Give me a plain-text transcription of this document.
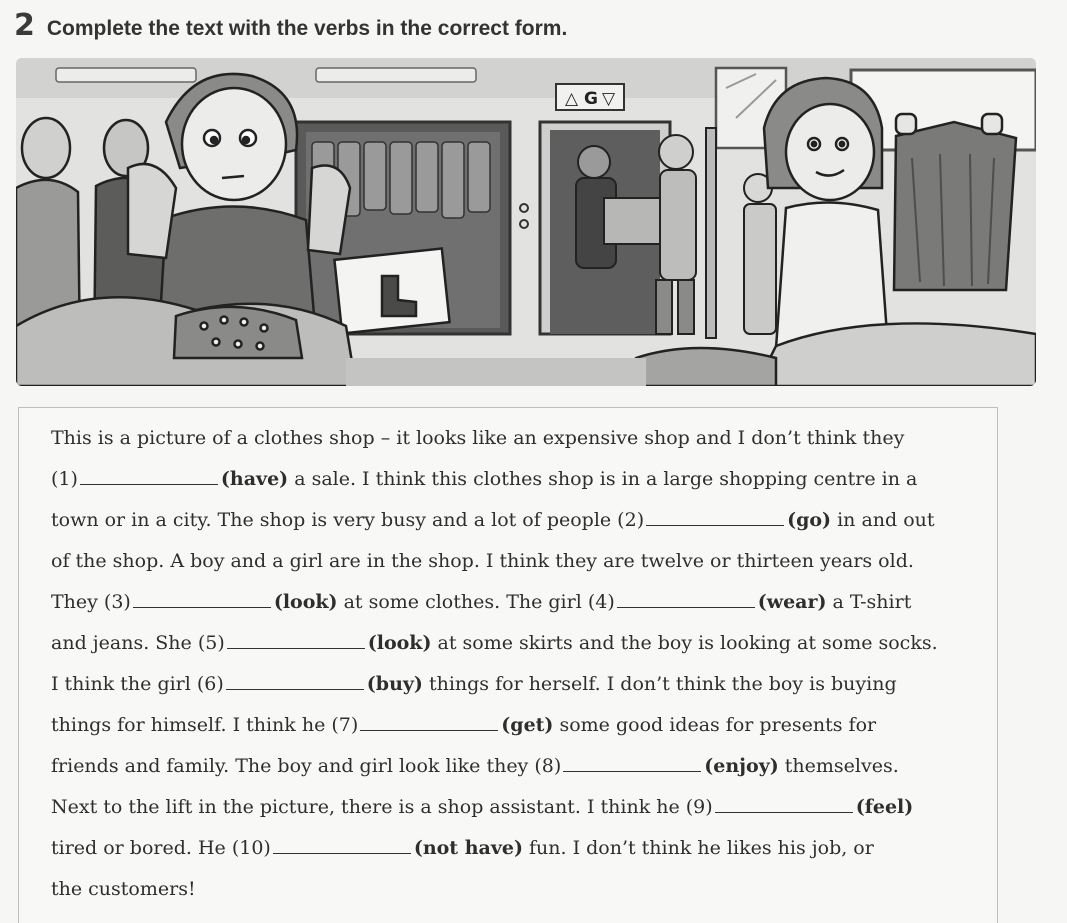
2 Complete the text with the verbs in the correct form.
△ G ▽
This is a picture of a clothes shop – it looks like an expensive shop and I don’t think they
(1)	(have) a sale. I think this clothes shop is in a large shopping centre in a
town or in a city. The shop is very busy and a lot of people (2)	(go) in and out
of the shop. A boy and a girl are in the shop. I think they are twelve or thirteen years old.
They (3)	(look) at some clothes. The girl (4)	(wear) a T-shirt
and jeans. She (5)	(look) at some skirts and the boy is looking at some socks.
I think the girl (6)	(buy) things for herself. I don’t think the boy is buying
things for himself. I think he (7)	(get) some good ideas for presents for
friends and family. The boy and girl look like they (8)	(enjoy) themselves.
Next to the lift in the picture, there is a shop assistant. I think he (9)	(feel)
tired or bored. He (10)	(not have) fun. I don’t think he likes his job, or
the customers!
